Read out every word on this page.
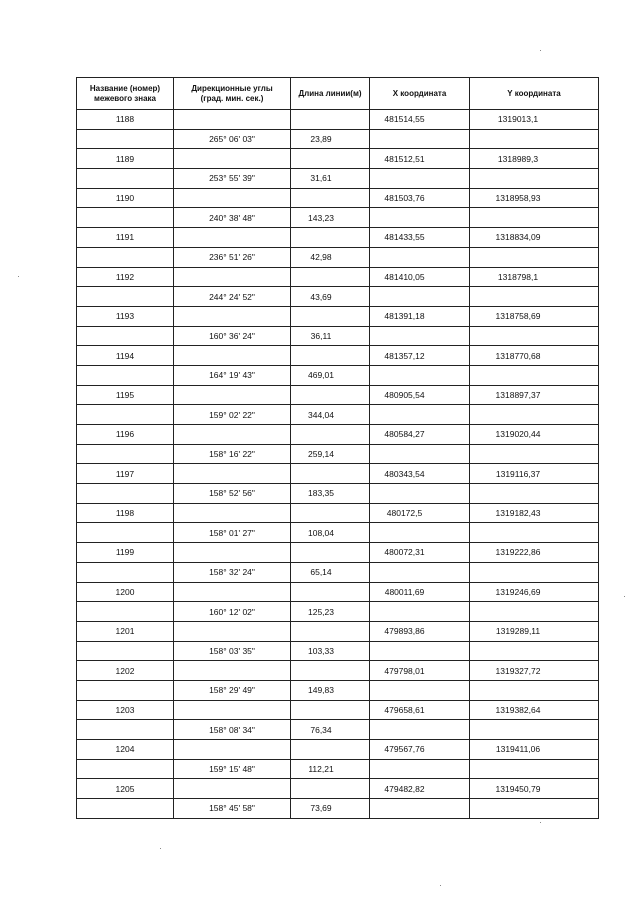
Название (номер)
межевого знака	Дирекционные углы
(град. мин. сек.)	Длина линии(м)	X координата	Y координата
1188			481514,55	1319013,1
	265° 06' 03"	23,89		
1189			481512,51	1318989,3
	253° 55' 39"	31,61		
1190			481503,76	1318958,93
	240° 38' 48"	143,23		
1191			481433,55	1318834,09
	236° 51' 26"	42,98		
1192			481410,05	1318798,1
	244° 24' 52"	43,69		
1193			481391,18	1318758,69
	160° 36' 24"	36,11		
1194			481357,12	1318770,68
	164° 19' 43"	469,01		
1195			480905,54	1318897,37
	159° 02' 22"	344,04		
1196			480584,27	1319020,44
	158° 16' 22"	259,14		
1197			480343,54	1319116,37
	158° 52' 56"	183,35		
1198			480172,5	1319182,43
	158° 01' 27"	108,04		
1199			480072,31	1319222,86
	158° 32' 24"	65,14		
1200			480011,69	1319246,69
	160° 12' 02"	125,23		
1201			479893,86	1319289,11
	158° 03' 35"	103,33		
1202			479798,01	1319327,72
	158° 29' 49"	149,83		
1203			479658,61	1319382,64
	158° 08' 34"	76,34		
1204			479567,76	1319411,06
	159° 15' 48"	112,21		
1205			479482,82	1319450,79
	158° 45' 58"	73,69		
